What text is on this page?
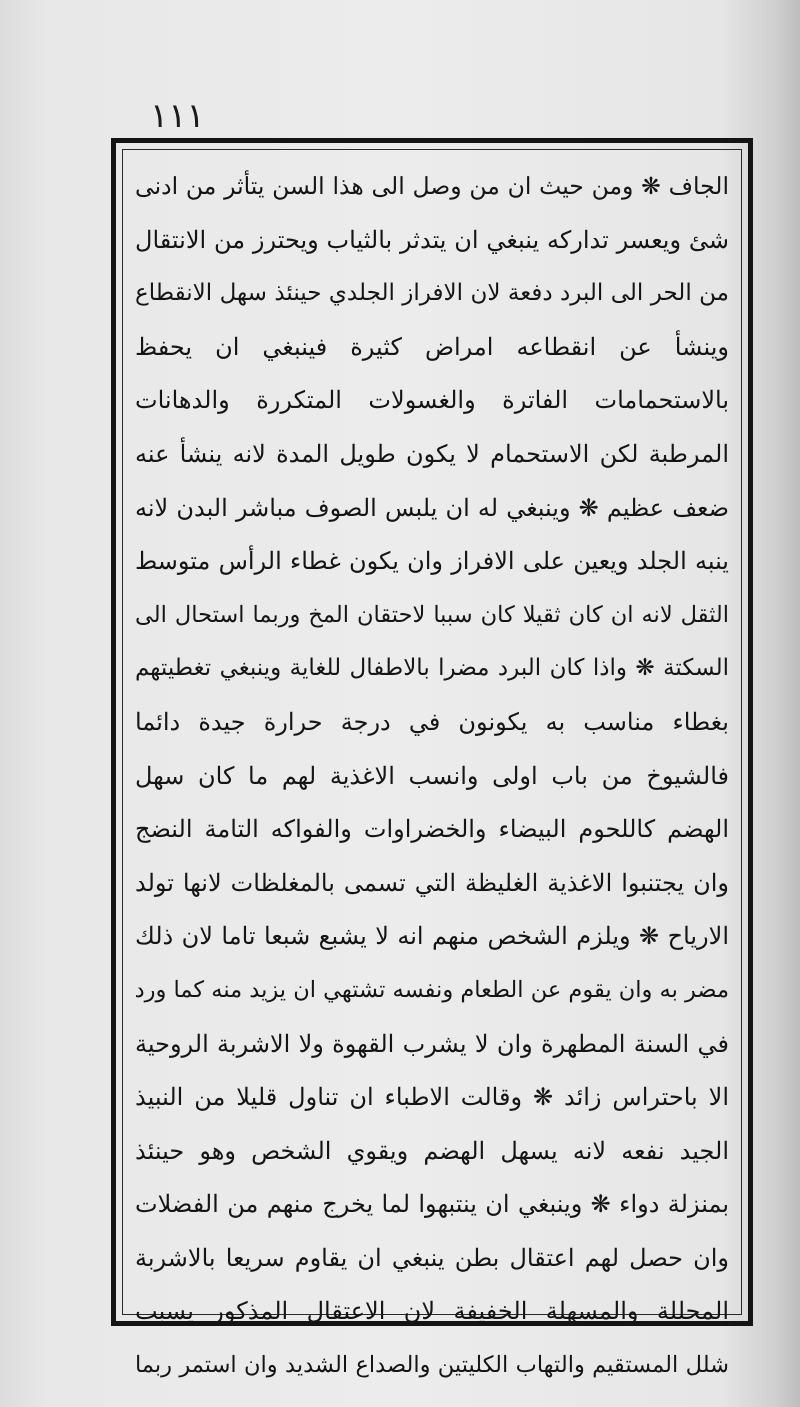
١١١
الجاف ❋ ومن حيث ان من وصل الى هذا السن يتأثر من ادنى
شئ ويعسر تداركه ينبغي ان يتدثر بالثياب ويحترز من الانتقال
من الحر الى البرد دفعة لان الافراز الجلدي حينئذ سهل الانقطاع
وينشأ عن انقطاعه امراض كثيرة فينبغي ان يحفظ
بالاستحمامات الفاترة والغسولات المتكررة والدهانات
المرطبة لكن الاستحمام لا يكون طويل المدة لانه ينشأ عنه
ضعف عظيم ❋ وينبغي له ان يلبس الصوف مباشر البدن لانه
ينبه الجلد ويعين على الافراز وان يكون غطاء الرأس متوسط
الثقل لانه ان كان ثقيلا كان سببا لاحتقان المخ وربما استحال الى
السكتة ❋ واذا كان البرد مضرا بالاطفال للغاية وينبغي تغطيتهم
بغطاء مناسب به يكونون في درجة حرارة جيدة دائما
فالشيوخ من باب اولى وانسب الاغذية لهم ما كان سهل
الهضم كاللحوم البيضاء والخضراوات والفواكه التامة النضج
وان يجتنبوا الاغذية الغليظة التي تسمى بالمغلظات لانها تولد
الارياح ❋ ويلزم الشخص منهم انه لا يشبع شبعا تاما لان ذلك
مضر به وان يقوم عن الطعام ونفسه تشتهي ان يزيد منه كما ورد
في السنة المطهرة وان لا يشرب القهوة ولا الاشربة الروحية
الا باحتراس زائد ❋ وقالت الاطباء ان تناول قليلا من النبيذ
الجيد نفعه لانه يسهل الهضم ويقوي الشخص وهو حينئذ
بمنزلة دواء ❋ وينبغي ان ينتبهوا لما يخرج منهم من الفضلات
وان حصل لهم اعتقال بطن ينبغي ان يقاوم سريعا بالاشربة
المحللة والمسهلة الخفيفة لان الاعتقال المذكور يسبب
شلل المستقيم والتهاب الكليتين والصداع الشديد وان استمر ربما
